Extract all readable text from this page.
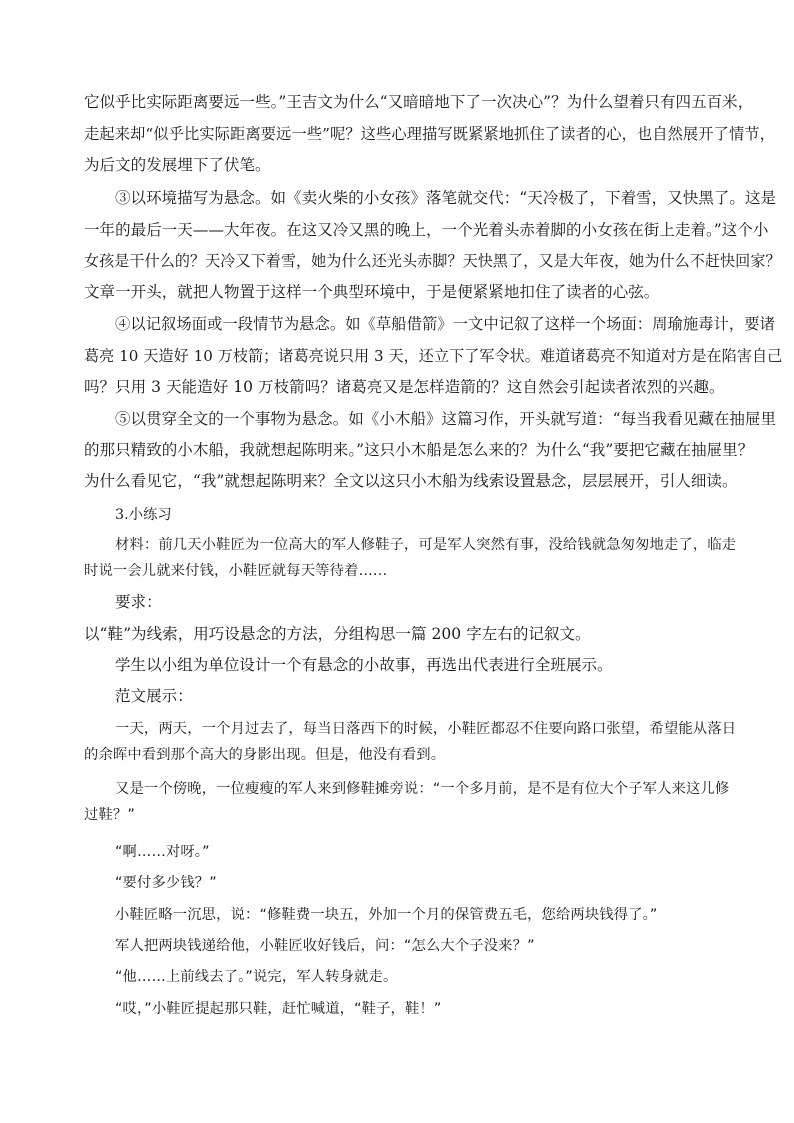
它似乎比实际距离要远一些。”王吉文为什么“又暗暗地下了一次决心”？为什么望着只有四五百米，
走起来却“似乎比实际距离要远一些”呢？这些心理描写既紧紧地抓住了读者的心，也自然展开了情节，
为后文的发展埋下了伏笔。
③以环境描写为悬念。如《卖火柴的小女孩》落笔就交代：“天冷极了，下着雪，又快黑了。这是
一年的最后一天——大年夜。在这又冷又黑的晚上，一个光着头赤着脚的小女孩在街上走着。”这个小
女孩是干什么的？天冷又下着雪，她为什么还光头赤脚？天快黑了，又是大年夜，她为什么不赶快回家？
文章一开头，就把人物置于这样一个典型环境中，于是便紧紧地扣住了读者的心弦。
④以记叙场面或一段情节为悬念。如《草船借箭》一文中记叙了这样一个场面：周瑜施毒计，要诸
葛亮 10 天造好 10 万枝箭；诸葛亮说只用 3 天，还立下了军令状。难道诸葛亮不知道对方是在陷害自己
吗？只用 3 天能造好 10 万枝箭吗？诸葛亮又是怎样造箭的？这自然会引起读者浓烈的兴趣。
⑤以贯穿全文的一个事物为悬念。如《小木船》这篇习作，开头就写道：“每当我看见藏在抽屉里
的那只精致的小木船，我就想起陈明来。”这只小木船是怎么来的？为什么“我”要把它藏在抽屉里？
为什么看见它，“我”就想起陈明来？全文以这只小木船为线索设置悬念，层层展开，引人细读。
3.小练习
材料：前几天小鞋匠为一位高大的军人修鞋子，可是军人突然有事，没给钱就急匆匆地走了，临走
时说一会儿就来付钱，小鞋匠就每天等待着……
要求：
以“鞋”为线索，用巧设悬念的方法，分组构思一篇 200 字左右的记叙文。
学生以小组为单位设计一个有悬念的小故事，再选出代表进行全班展示。
范文展示：
一天，两天，一个月过去了，每当日落西下的时候，小鞋匠都忍不住要向路口张望，希望能从落日
的余晖中看到那个高大的身影出现。但是，他没有看到。
又是一个傍晚，一位瘦瘦的军人来到修鞋摊旁说：“一个多月前，是不是有位大个子军人来这儿修
过鞋？”
“啊……对呀。”
“要付多少钱？”
小鞋匠略一沉思，说：“修鞋费一块五，外加一个月的保管费五毛，您给两块钱得了。”
军人把两块钱递给他，小鞋匠收好钱后，问：“怎么大个子没来？”
“他……上前线去了。”说完，军人转身就走。
“哎，”小鞋匠提起那只鞋，赶忙喊道，“鞋子，鞋！”
